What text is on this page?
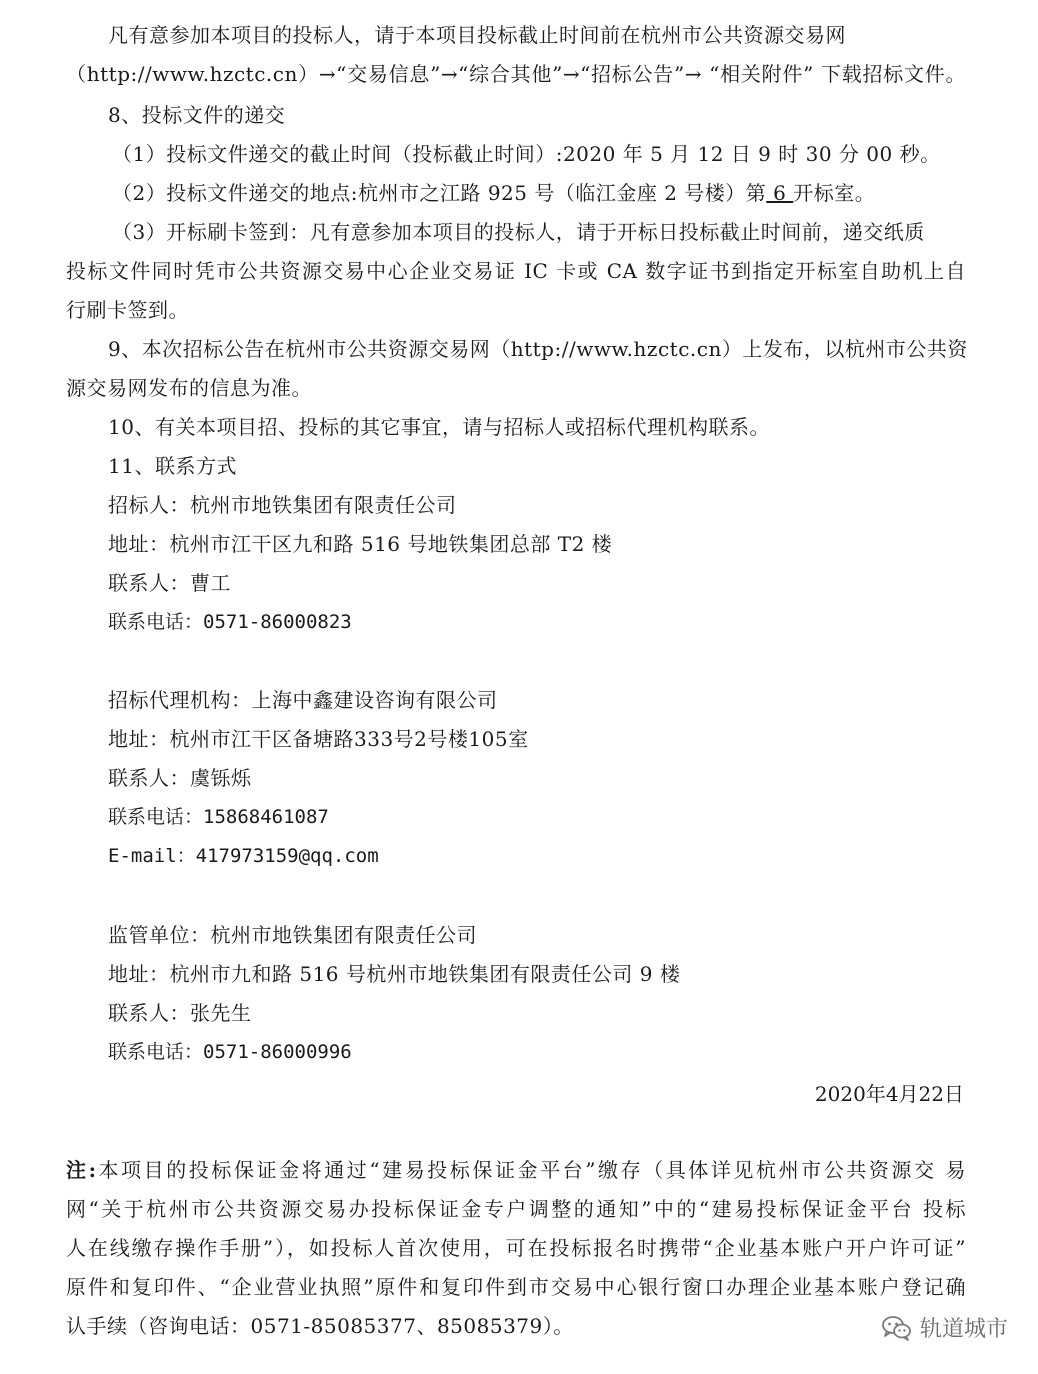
凡有意参加本项目的投标人，请于本项目投标截止时间前在杭州市公共资源交易网
（http://www.hzctc.cn）→“交易信息”→“综合其他”→“招标公告”→ “相关附件” 下载招标文件。
8、投标文件的递交
（1）投标文件递交的截止时间（投标截止时间）:2020 年 5 月 12 日 9 时 30 分 00 秒。
（2）投标文件递交的地点:杭州市之江路 925 号（临江金座 2 号楼）第 6 开标室。
（3）开标刷卡签到：凡有意参加本项目的投标人，请于开标日投标截止时间前，递交纸质
投标文件同时凭市公共资源交易中心企业交易证 IC 卡或 CA 数字证书到指定开标室自助机上自
行刷卡签到。
9、本次招标公告在杭州市公共资源交易网（http://www.hzctc.cn）上发布，以杭州市公共资
源交易网发布的信息为准。
10、有关本项目招、投标的其它事宜，请与招标人或招标代理机构联系。
11、联系方式
招标人：杭州市地铁集团有限责任公司
地址：杭州市江干区九和路 516 号地铁集团总部 T2 楼
联系人：曹工
联系电话：0571-86000823
招标代理机构：上海中鑫建设咨询有限公司
地址：杭州市江干区备塘路333号2号楼105室
联系人：虞铄烁
联系电话：15868461087
E-mail：417973159@qq.com
监管单位：杭州市地铁集团有限责任公司
地址：杭州市九和路 516 号杭州市地铁集团有限责任公司 9 楼
联系人：张先生
联系电话：0571-86000996
2020年4月22日
注:本项目的投标保证金将通过“建易投标保证金平台”缴存（具体详见杭州市公共资源交 易
网“关于杭州市公共资源交易办投标保证金专户调整的通知”中的“建易投标保证金平台 投标
人在线缴存操作手册”），如投标人首次使用，可在投标报名时携带“企业基本账户开户许可证”
原件和复印件、“企业营业执照”原件和复印件到市交易中心银行窗口办理企业基本账户登记确
认手续（咨询电话：0571-85085377、85085379）。	轨道城市
